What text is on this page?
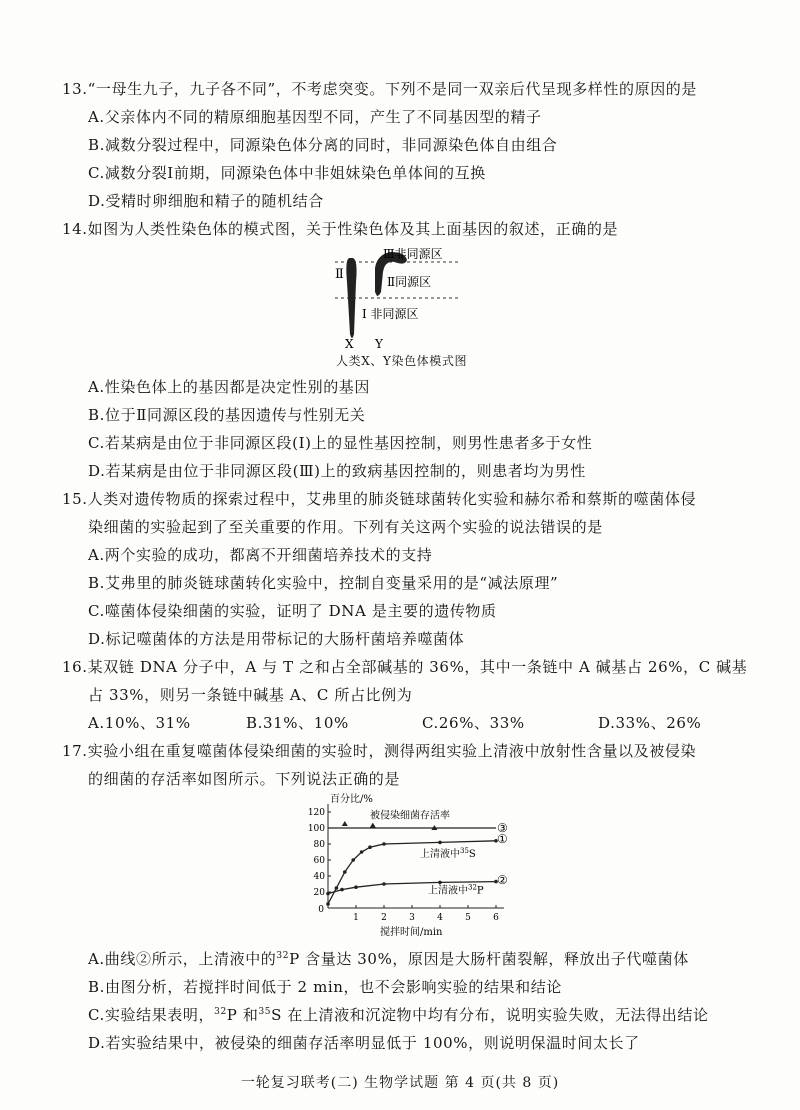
13.“一母生九子，九子各不同”，不考虑突变。下列不是同一双亲后代呈现多样性的原因的是
A.父亲体内不同的精原细胞基因型不同，产生了不同基因型的精子
B.减数分裂过程中，同源染色体分离的同时，非同源染色体自由组合
C.减数分裂Ⅰ前期，同源染色体中非姐妹染色单体间的互换
D.受精时卵细胞和精子的随机结合
14.如图为人类性染色体的模式图，关于性染色体及其上面基因的叙述，正确的是
Ⅲ非同源区
Ⅱ	Ⅱ同源区
Ⅰ 非同源区
X Y
人类X、Y染色体模式图
A.性染色体上的基因都是决定性别的基因
B.位于Ⅱ同源区段的基因遗传与性别无关
C.若某病是由位于非同源区段(Ⅰ)上的显性基因控制，则男性患者多于女性
D.若某病是由位于非同源区段(Ⅲ)上的致病基因控制的，则患者均为男性
15.人类对遗传物质的探索过程中，艾弗里的肺炎链球菌转化实验和赫尔希和蔡斯的噬菌体侵
染细菌的实验起到了至关重要的作用。下列有关这两个实验的说法错误的是
A.两个实验的成功，都离不开细菌培养技术的支持
B.艾弗里的肺炎链球菌转化实验中，控制自变量采用的是“减法原理”
C.噬菌体侵染细菌的实验，证明了 DNA 是主要的遗传物质
D.标记噬菌体的方法是用带标记的大肠杆菌培养噬菌体
16.某双链 DNA 分子中，A 与 T 之和占全部碱基的 36%，其中一条链中 A 碱基占 26%，C 碱基
占 33%，则另一条链中碱基 A、C 所占比例为
A.10%、31%	B.31%、10%	C.26%、33%	D.33%、26%
17.实验小组在重复噬菌体侵染细菌的实验时，测得两组实验上清液中放射性含量以及被侵染
的细菌的存活率如图所示。下列说法正确的是
百分比/%
搅拌时间/min
20
40
60
80
100
120
0
1 2 3 4 5 6
被侵染细菌存活率
上清液中$^{35}$S
上清液中$^{32}$P
③
①
②
A.曲线②所示，上清液中的$^{32}$P 含量达 30%，原因是大肠杆菌裂解，释放出子代噬菌体
B.由图分析，若搅拌时间低于 2 min，也不会影响实验的结果和结论
C.实验结果表明，$^{32}$P 和$^{35}$S 在上清液和沉淀物中均有分布，说明实验失败，无法得出结论
D.若实验结果中，被侵染的细菌存活率明显低于 100%，则说明保温时间太长了
一轮复习联考(二) 生物学试题 第 4 页(共 8 页)
